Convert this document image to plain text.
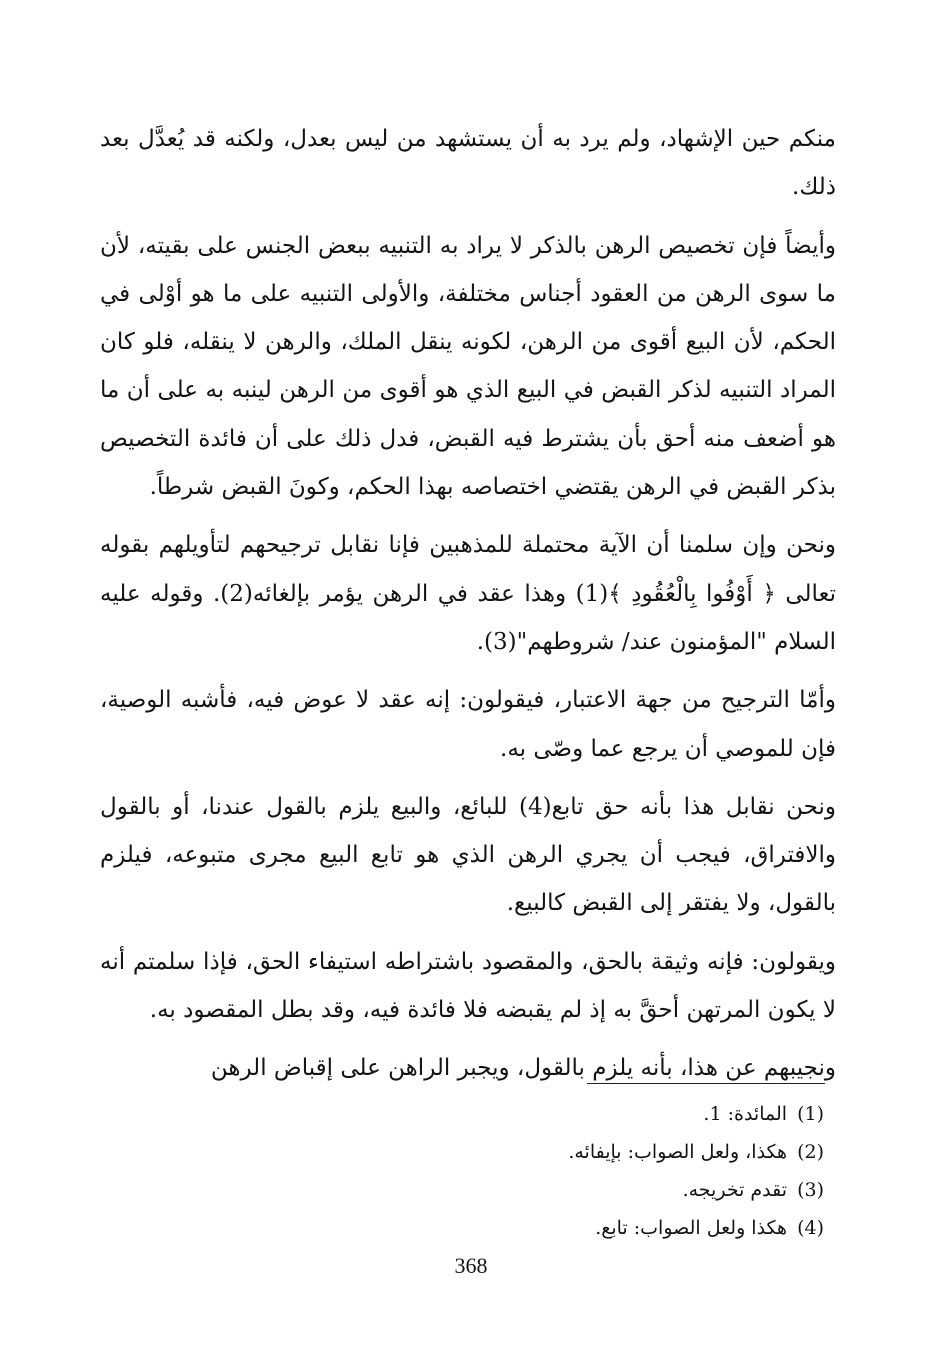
منكم حين الإشهاد، ولم يرد به أن يستشهد من ليس بعدل، ولكنه قد يُعدَّل بعد ذلك.

وأيضاً فإن تخصيص الرهن بالذكر لا يراد به التنبيه ببعض الجنس على بقيته، لأن ما سوى الرهن من العقود أجناس مختلفة، والأولى التنبيه على ما هو أوْلى في الحكم، لأن البيع أقوى من الرهن، لكونه ينقل الملك، والرهن لا ينقله، فلو كان المراد التنبيه لذكر القبض في البيع الذي هو أقوى من الرهن لينبه به على أن ما هو أضعف منه أحق بأن يشترط فيه القبض، فدل ذلك على أن فائدة التخصيص بذكر القبض في الرهن يقتضي اختصاصه بهذا الحكم، وكونَ القبض شرطاً.

ونحن وإن سلمنا أن الآية محتملة للمذهبين فإنا نقابل ترجيحهم لتأويلهم بقوله تعالى ﴿ أَوْفُوا بِالْعُقُودِ ﴾(1) وهذا عقد في الرهن يؤمر بإلغائه(2). وقوله عليه السلام "المؤمنون عند/ شروطهم"(3).

وأمّا الترجيح من جهة الاعتبار، فيقولون: إنه عقد لا عوض فيه، فأشبه الوصية، فإن للموصي أن يرجع عما وصّى به.

ونحن نقابل هذا بأنه حق تابع(4) للبائع، والبيع يلزم بالقول عندنا، أو بالقول والافتراق، فيجب أن يجري الرهن الذي هو تابع البيع مجرى متبوعه، فيلزم بالقول، ولا يفتقر إلى القبض كالبيع.

ويقولون: فإنه وثيقة بالحق، والمقصود باشتراطه استيفاء الحق، فإذا سلمتم أنه لا يكون المرتهن أحقَّ به إذ لم يقبضه فلا فائدة فيه، وقد بطل المقصود به.

ونجيبهم عن هذا، بأنه يلزم بالقول، ويجبر الراهن على إقباض الرهن

(1)المائدة: 1.
(2)هكذا، ولعل الصواب: بإيفائه.
(3)تقدم تخريجه.
(4)هكذا ولعل الصواب: تابع.
368
